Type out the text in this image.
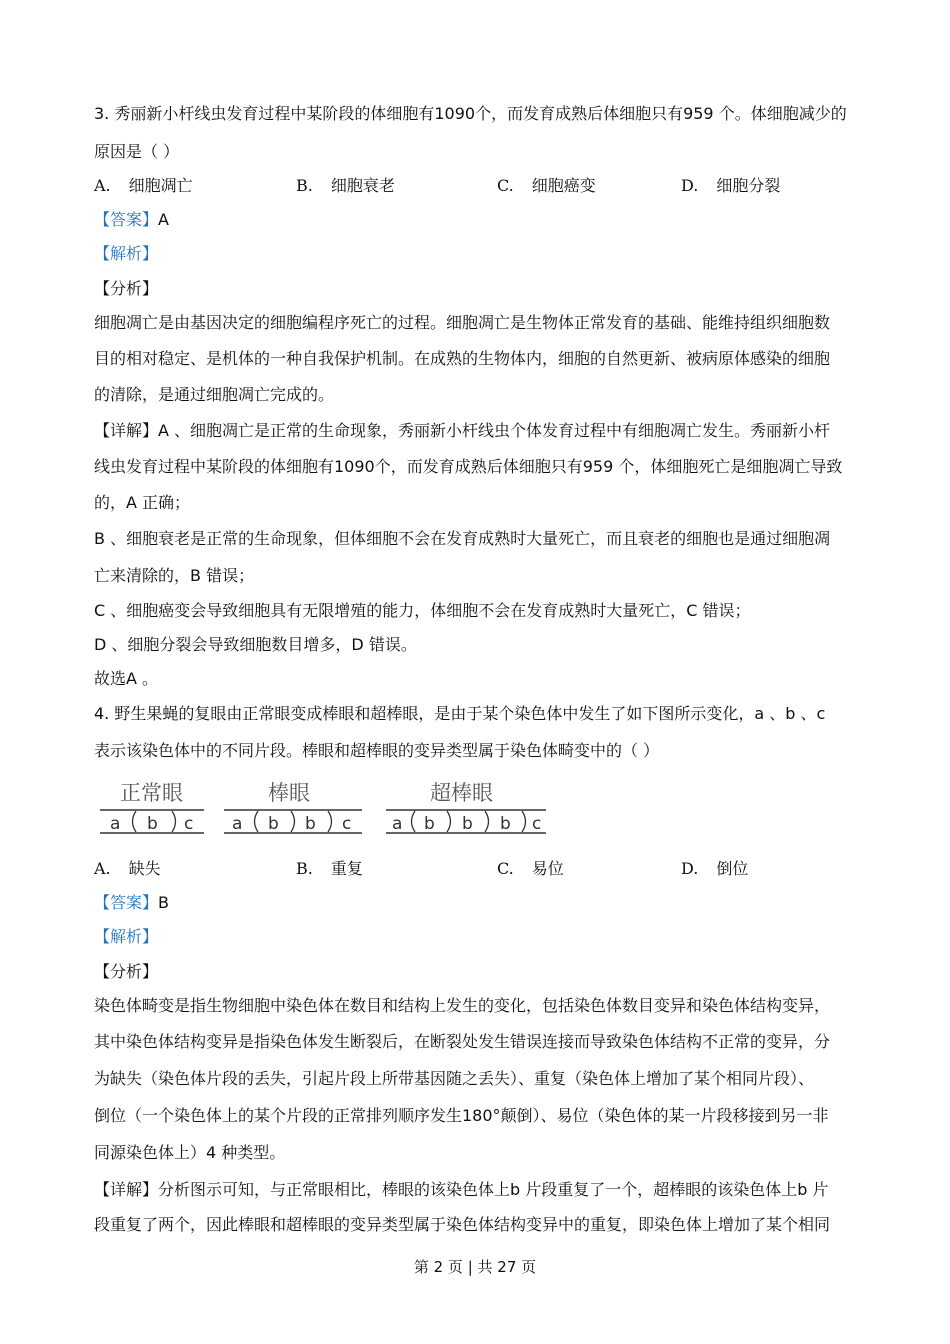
3. 秀丽新小杆线虫发育过程中某阶段的体细胞有1090个，而发育成熟后体细胞只有959 个。体细胞减少的
原因是（ ）
A. 细胞凋亡	B. 细胞衰老	C. 细胞癌变	D. 细胞分裂
【答案】A
【解析】
【分析】
细胞凋亡是由基因决定的细胞编程序死亡的过程。细胞凋亡是生物体正常发育的基础、能维持组织细胞数
目的相对稳定、是机体的一种自我保护机制。在成熟的生物体内，细胞的自然更新、被病原体感染的细胞
的清除，是通过细胞凋亡完成的。
【详解】A 、细胞凋亡是正常的生命现象，秀丽新小杆线虫个体发育过程中有细胞凋亡发生。秀丽新小杆
线虫发育过程中某阶段的体细胞有1090个，而发育成熟后体细胞只有959 个，体细胞死亡是细胞凋亡导致
的，A 正确；
B 、细胞衰老是正常的生命现象，但体细胞不会在发育成熟时大量死亡，而且衰老的细胞也是通过细胞凋
亡来清除的，B 错误；
C 、细胞癌变会导致细胞具有无限增殖的能力，体细胞不会在发育成熟时大量死亡，C 错误；
D 、细胞分裂会导致细胞数目增多，D 错误。
故选A 。
4. 野生果蝇的复眼由正常眼变成棒眼和超棒眼，是由于某个染色体中发生了如下图所示变化，a 、b 、c
表示该染色体中的不同片段。棒眼和超棒眼的变异类型属于染色体畸变中的（ ）
正常眼
a b c
棒眼
a b b c
超棒眼
a b b b c
A. 缺失	B. 重复	C. 易位	D. 倒位
【答案】B
【解析】
【分析】
染色体畸变是指生物细胞中染色体在数目和结构上发生的变化，包括染色体数目变异和染色体结构变异，
其中染色体结构变异是指染色体发生断裂后，在断裂处发生错误连接而导致染色体结构不正常的变异，分
为缺失（染色体片段的丢失，引起片段上所带基因随之丢失）、重复（染色体上增加了某个相同片段）、
倒位（一个染色体上的某个片段的正常排列顺序发生180°颠倒）、易位（染色体的某一片段移接到另一非
同源染色体上）4 种类型。
【详解】分析图示可知，与正常眼相比，棒眼的该染色体上b 片段重复了一个，超棒眼的该染色体上b 片
段重复了两个，因此棒眼和超棒眼的变异类型属于染色体结构变异中的重复，即染色体上增加了某个相同
第 2 页 | 共 27 页
